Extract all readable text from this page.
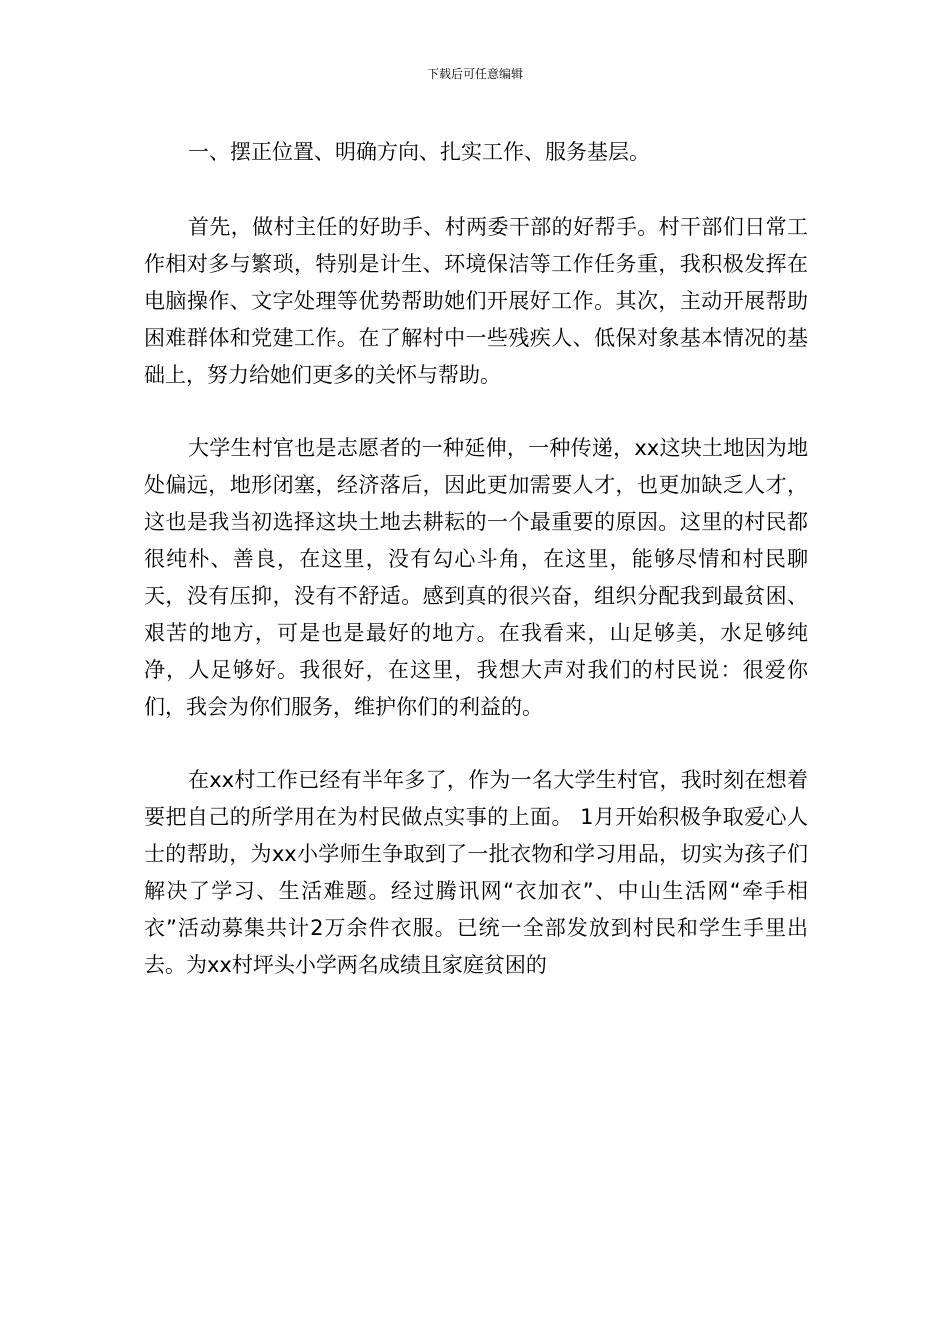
下载后可任意编辑

一、摆正位置、明确方向、扎实工作、服务基层。

首先，做村主任的好助手、村两委干部的好帮手。村干部们日常工作相对多与繁琐，特别是计生、环境保洁等工作任务重，我积极发挥在电脑操作、文字处理等优势帮助她们开展好工作。其次，主动开展帮助困难群体和党建工作。在了解村中一些残疾人、低保对象基本情况的基础上，努力给她们更多的关怀与帮助。

大学生村官也是志愿者的一种延伸，一种传递，xx这块土地因为地处偏远，地形闭塞，经济落后，因此更加需要人才，也更加缺乏人才，这也是我当初选择这块土地去耕耘的一个最重要的原因。这里的村民都很纯朴、善良，在这里，没有勾心斗角，在这里，能够尽情和村民聊天，没有压抑，没有不舒适。感到真的很兴奋，组织分配我到最贫困、艰苦的地方，可是也是最好的地方。在我看来，山足够美，水足够纯净，人足够好。我很好，在这里，我想大声对我们的村民说：很爱你们，我会为你们服务，维护你们的利益的。

在xx村工作已经有半年多了，作为一名大学生村官，我时刻在想着要把自己的所学用在为村民做点实事的上面。 1月开始积极争取爱心人士的帮助，为xx小学师生争取到了一批衣物和学习用品，切实为孩子们解决了学习、生活难题。经过腾讯网“衣加衣”、中山生活网“牵手相衣”活动募集共计2万余件衣服。已统一全部发放到村民和学生手里出去。为xx村坪头小学两名成绩且家庭贫困的
